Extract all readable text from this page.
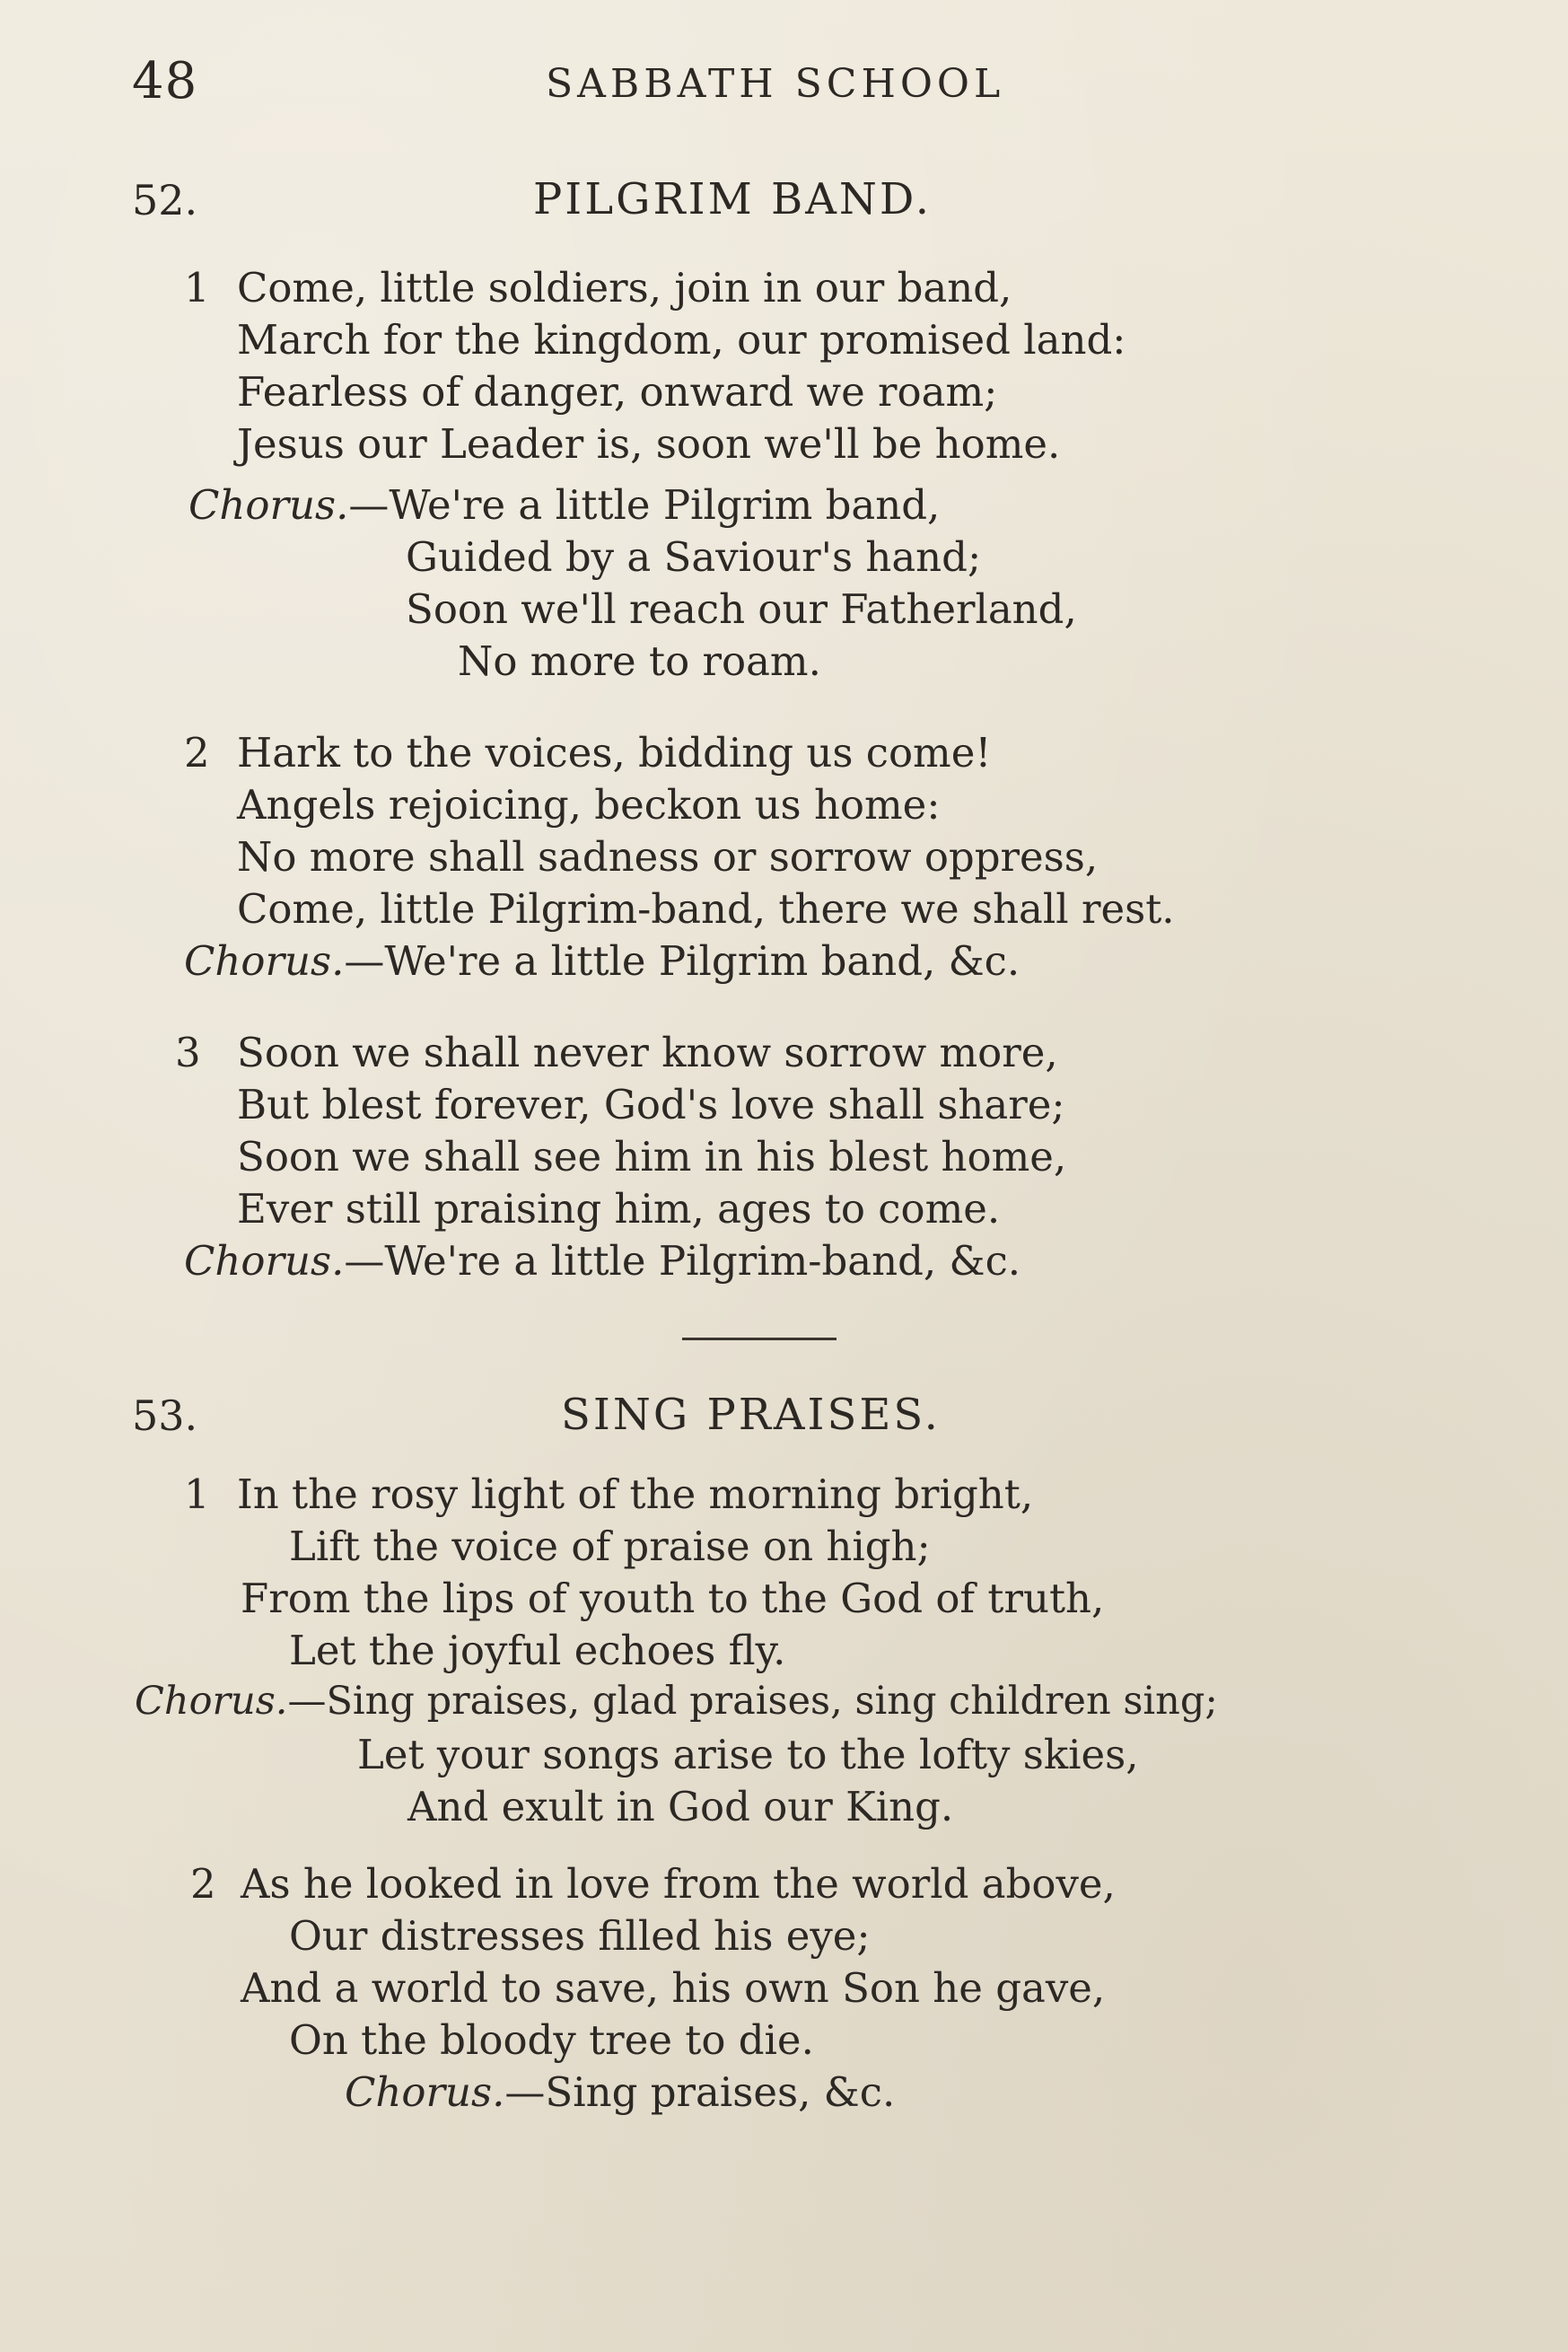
48	SABBATH SCHOOL
52.	PILGRIM BAND.
1 Come, little soldiers, join in our band,
March for the kingdom, our promised land:
Fearless of danger, onward we roam;
Jesus our Leader is, soon we'll be home.
Chorus.—We're a little Pilgrim band,
Guided by a Saviour's hand;
Soon we'll reach our Fatherland,
No more to roam.
2 Hark to the voices, bidding us come!
Angels rejoicing, beckon us home:
No more shall sadness or sorrow oppress,
Come, little Pilgrim-band, there we shall rest.
Chorus.—We're a little Pilgrim band, &c.
3 Soon we shall never know sorrow more,
But blest forever, God's love shall share;
Soon we shall see him in his blest home,
Ever still praising him, ages to come.
Chorus.—We're a little Pilgrim-band, &c.
53.	SING PRAISES.
1 In the rosy light of the morning bright,
Lift the voice of praise on high;
From the lips of youth to the God of truth,
Let the joyful echoes fly.
Chorus.—Sing praises, glad praises, sing children sing;
Let your songs arise to the lofty skies,
And exult in God our King.
2 As he looked in love from the world above,
Our distresses filled his eye;
And a world to save, his own Son he gave,
On the bloody tree to die.
Chorus.—Sing praises, &c.
